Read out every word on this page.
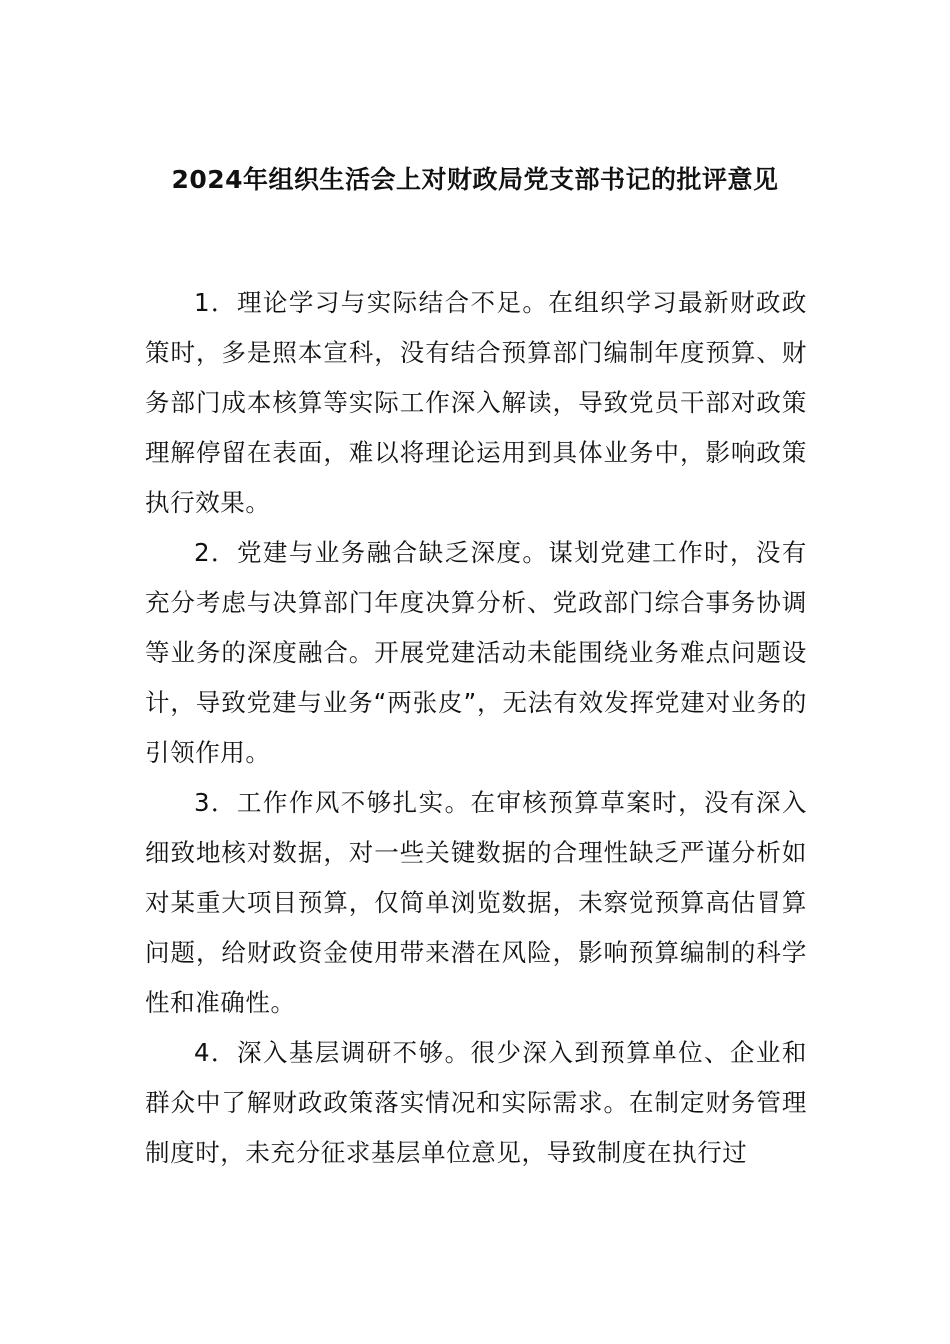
2024年组织生活会上对财政局党支部书记的批评意见

1．理论学习与实际结合不足。在组织学习最新财政政策时，多是照本宣科，没有结合预算部门编制年度预算、财务部门成本核算等实际工作深入解读，导致党员干部对政策理解停留在表面，难以将理论运用到具体业务中，影响政策执行效果。

2．党建与业务融合缺乏深度。谋划党建工作时，没有充分考虑与决算部门年度决算分析、党政部门综合事务协调等业务的深度融合。开展党建活动未能围绕业务难点问题设计，导致党建与业务“两张皮”，无法有效发挥党建对业务的引领作用。

3．工作作风不够扎实。在审核预算草案时，没有深入细致地核对数据，对一些关键数据的合理性缺乏严谨分析如对某重大项目预算，仅简单浏览数据，未察觉预算高估冒算问题，给财政资金使用带来潜在风险，影响预算编制的科学性和准确性。

4．深入基层调研不够。很少深入到预算单位、企业和群众中了解财政政策落实情况和实际需求。在制定财务管理制度时，未充分征求基层单位意见，导致制度在执行过
